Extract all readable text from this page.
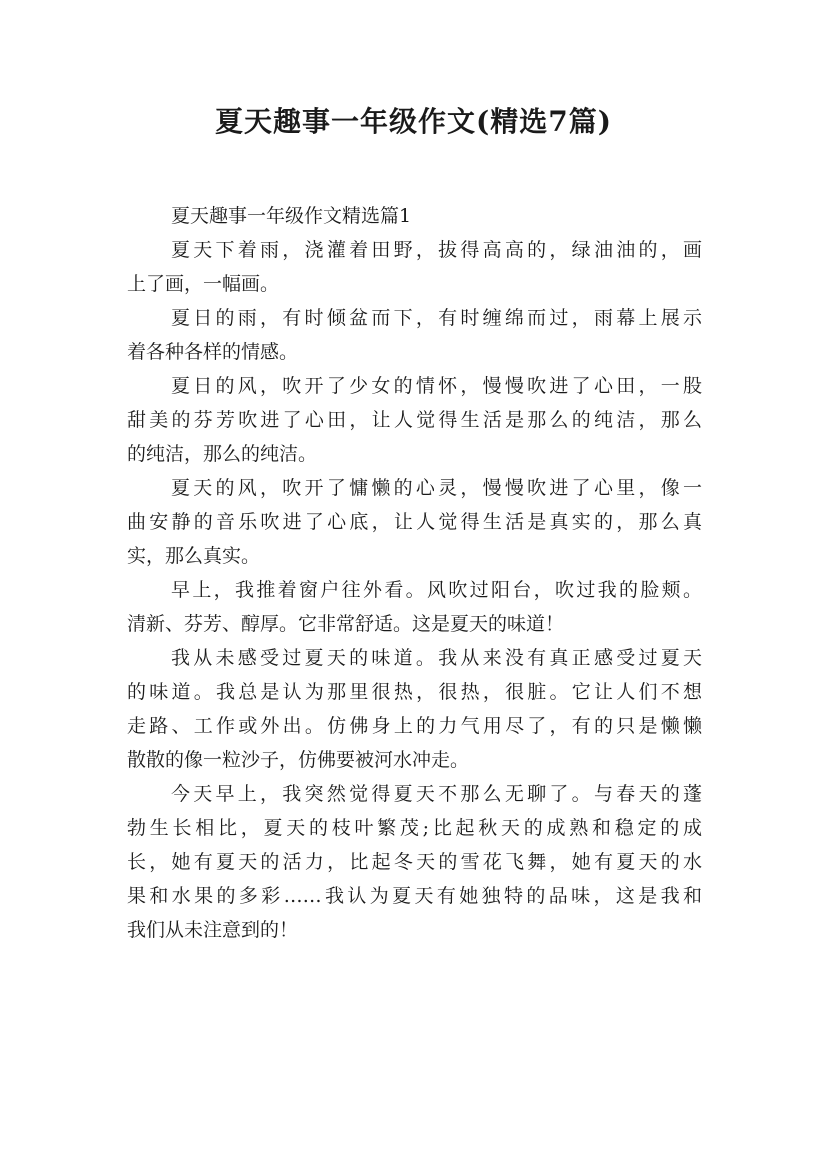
夏天趣事一年级作文(精选7篇)
夏天趣事一年级作文精选篇1
夏天下着雨，浇灌着田野，拔得高高的，绿油油的，画
上了画，一幅画。
夏日的雨，有时倾盆而下，有时缠绵而过，雨幕上展示
着各种各样的情感。
夏日的风，吹开了少女的情怀，慢慢吹进了心田，一股
甜美的芬芳吹进了心田，让人觉得生活是那么的纯洁，那么
的纯洁，那么的纯洁。
夏天的风，吹开了慵懒的心灵，慢慢吹进了心里，像一
曲安静的音乐吹进了心底，让人觉得生活是真实的，那么真
实，那么真实。
早上，我推着窗户往外看。风吹过阳台，吹过我的脸颊。
清新、芬芳、醇厚。它非常舒适。这是夏天的味道！
我从未感受过夏天的味道。我从来没有真正感受过夏天
的味道。我总是认为那里很热，很热，很脏。它让人们不想
走路、工作或外出。仿佛身上的力气用尽了，有的只是懒懒
散散的像一粒沙子，仿佛要被河水冲走。
今天早上，我突然觉得夏天不那么无聊了。与春天的蓬
勃生长相比，夏天的枝叶繁茂;比起秋天的成熟和稳定的成
长，她有夏天的活力，比起冬天的雪花飞舞，她有夏天的水
果和水果的多彩……我认为夏天有她独特的品味，这是我和
我们从未注意到的！
